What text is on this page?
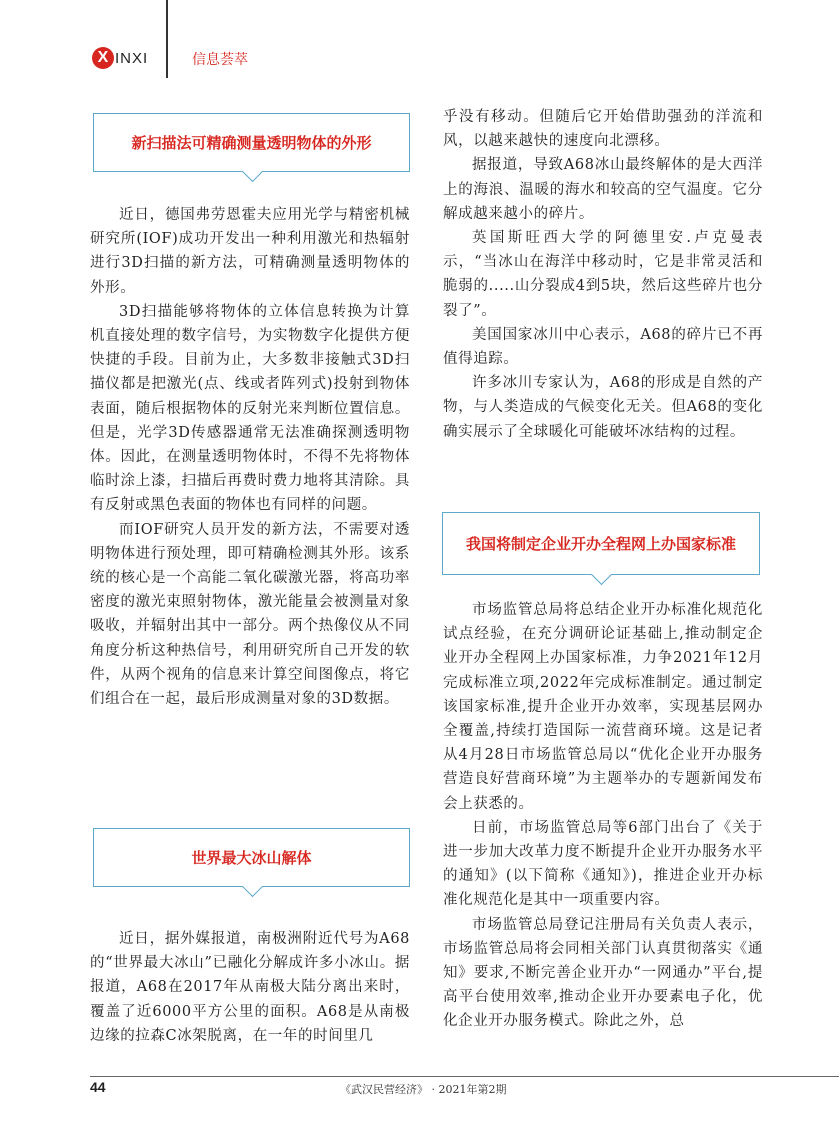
X INXI	信息荟萃
新扫描法可精确测量透明物体的外形

近日，德国弗劳恩霍夫应用光学与精密机械研究所(IOF)成功开发出一种利用激光和热辐射进行3D扫描的新方法，可精确测量透明物体的外形。

3D扫描能够将物体的立体信息转换为计算机直接处理的数字信号，为实物数字化提供方便快捷的手段。目前为止，大多数非接触式3D扫描仪都是把激光(点、线或者阵列式)投射到物体表面，随后根据物体的反射光来判断位置信息。但是，光学3D传感器通常无法准确探测透明物体。因此，在测量透明物体时，不得不先将物体临时涂上漆，扫描后再费时费力地将其清除。具有反射或黑色表面的物体也有同样的问题。

而IOF研究人员开发的新方法，不需要对透明物体进行预处理，即可精确检测其外形。该系统的核心是一个高能二氧化碳激光器，将高功率密度的激光束照射物体，激光能量会被测量对象吸收，并辐射出其中一部分。两个热像仪从不同角度分析这种热信号，利用研究所自己开发的软件，从两个视角的信息来计算空间图像点，将它们组合在一起，最后形成测量对象的3D数据。

世界最大冰山解体

近日，据外媒报道，南极洲附近代号为A68的“世界最大冰山”已融化分解成许多小冰山。据报道，A68在2017年从南极大陆分离出来时，覆盖了近6000平方公里的面积。A68是从南极边缘的拉森C冰架脱离，在一年的时间里几

乎没有移动。但随后它开始借助强劲的洋流和风，以越来越快的速度向北漂移。

据报道，导致A68冰山最终解体的是大西洋上的海浪、温暖的海水和较高的空气温度。它分解成越来越小的碎片。

英国斯旺西大学的阿德里安.卢克曼表示，“当冰山在海洋中移动时，它是非常灵活和脆弱的.....山分裂成4到5块，然后这些碎片也分裂了”。

美国国家冰川中心表示，A68的碎片已不再值得追踪。

许多冰川专家认为，A68的形成是自然的产物，与人类造成的气候变化无关。但A68的变化确实展示了全球暖化可能破坏冰结构的过程。

我国将制定企业开办全程网上办国家标准

市场监管总局将总结企业开办标准化规范化试点经验，在充分调研论证基础上,推动制定企业开办全程网上办国家标准，力争2021年12月完成标准立项,2022年完成标准制定。通过制定该国家标准,提升企业开办效率，实现基层网办全覆盖,持续打造国际一流营商环境。这是记者从4月28日市场监管总局以“优化企业开办服务营造良好营商环境”为主题举办的专题新闻发布会上获悉的。

日前，市场监管总局等6部门出台了《关于进一步加大改革力度不断提升企业开办服务水平的通知》(以下简称《通知》)，推进企业开办标准化规范化是其中一项重要内容。

市场监管总局登记注册局有关负责人表示，市场监管总局将会同相关部门认真贯彻落实《通知》要求,不断完善企业开办“一网通办”平台,提高平台使用效率,推动企业开办要素电子化，优化企业开办服务模式。除此之外，总

44	《武汉民营经济》 · 2021年第2期
